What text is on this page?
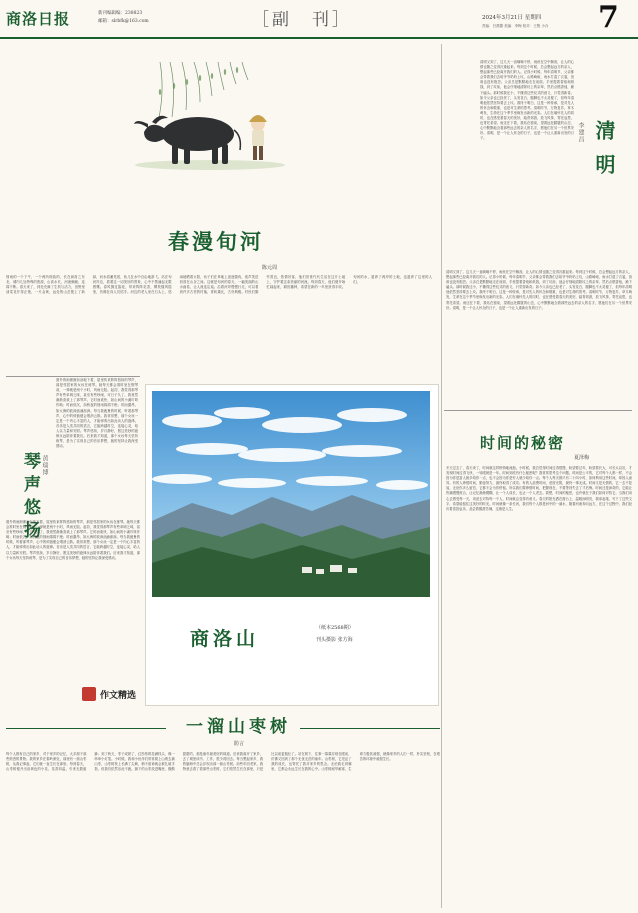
商洛日报	新刊编辑编：238823
邮箱：slrbfk@163.com	［副　刊］	2024年3月21日 星期四
责编：吕燕馨 美编：李梅 校对：王骏 小卉 7
春漫旬河
陈元周
细雨的一个下午，一个两所细致的，长在商洛之东北，城内几处特殊的资源，山高水长，河流蜿蜒，连绵不断。春天来了，到处充满了生机与活力，田野里油菜花开得正艳，一片金黄，远处的山峦披上了新绿，河水清澈见底，鱼儿在水中自由地游弋。站在旬河岸边，看着这一切美好的景象，心中不禁涌起无限感慨。春风拂过脸庞，带来阵阵花香，柳枝随风摇曳，仿佛在向人们招手。河边的老人坐在石头上，悠闲地晒着太阳，孩子们在草地上追逐嬉戏，欢声笑语回荡在山谷之间。这就是旬河的春天，一幅美丽的山水画卷，让人流连忘返。沿着河岸慢慢行走，可以看到许多古老的村落，青砖黛瓦，古朴典雅。村民们勤劳善良，热情好客，他们世世代代生活在这片土地上，守护着这条美丽的河流。每到春天，他们便开始忙碌起来，耕田播种，希望在新的一年里获得丰收。旬河的水，滋养了两岸的土地，也滋养了这里的人们。
清明
李建昌
清明又到了，这几天一直嘀嘀不停，雨丝在空中飘荡，让人的心情也随之变得沉重起来。每到这个时候，总会想起远方的亲人，想起那些已经离开我们的人。记得小时候，每年清明节，父亲都会带着我们去给爷爷奶奶上坟，山路崎岖，雨水打湿了衣裳，但谁也没有抱怨。父亲总是默默地走在前面，手里提着香烛和纸钱，到了坟前，他会仔细地清除坟上的杂草，然后点燃香烛，跪下磕头。那时候我还小，不懂得这些仪式的意义，只觉得新奇。如今父亲也已经老了，头发花白，腿脚也不太灵便了，但每年清明他依然坚持要去上坟。我终于明白，这是一种传承，是对先人的怀念和敬重，也是对生命的思考。清明时节，万物复苏，草木萌发，生命在这个季节里焕发出新的光彩。人们在缅怀先人的同时，也在感受着春天的美好，踏青郊游，放飞风筝，寄托哀思，也寄托希望。雨还在下着，我站在窗前，望着远处朦胧的山峦，心中默默地念着那些远去的亲人的名字，愿他们在另一个世界安好。清明，是一个让人怀念的日子，也是一个让人重新出发的日子。
清明又到了，这几天一直嘀嘀不停，雨丝在空中飘荡，让人的心情也随之变得沉重起来。每到这个时候，总会想起远方的亲人，想起那些已经离开我们的人。记得小时候，每年清明节，父亲都会带着我们去给爷爷奶奶上坟，山路崎岖，雨水打湿了衣裳，但谁也没有抱怨。父亲总是默默地走在前面，手里提着香烛和纸钱，到了坟前，他会仔细地清除坟上的杂草，然后点燃香烛，跪下磕头。那时候我还小，不懂得这些仪式的意义，只觉得新奇。如今父亲也已经老了，头发花白，腿脚也不太灵便了，但每年清明他依然坚持要去上坟。我终于明白，这是一种传承，是对先人的怀念和敬重，也是对生命的思考。清明时节，万物复苏，草木萌发，生命在这个季节里焕发出新的光彩。人们在缅怀先人的同时，也在感受着春天的美好，踏青郊游，放飞风筝，寄托哀思，也寄托希望。雨还在下着，我站在窗前，望着远处朦胧的山峦，心中默默地念着那些远去的亲人的名字，愿他们在另一个世界安好。清明，是一个让人怀念的日子，也是一个让人重新出发的日子。
时间的秘密
夏泽梅
冬天过去了，春天来了，时间就这样悄悄地流逝。小时候，我总觉得时间过得很慢，盼望着过年，盼望着长大，可长大以后，才发现时间过得飞快，一转眼就是一年。时间到底有什么秘密呢？我常常思考这个问题。时间是公平的，它对每个人都一样，不会因为你是富人就多给你一点，也不会因为你是穷人就少给你一点。每个人每天都只有二十四小时，如何利用这些时间，却因人而异。有的人珍惜时间，勤奋努力，最终取得了成功；有的人浪费时间，虚度光阴，最终一事无成。时间又是无情的，它一去不复返，无论你多么留恋，它都不会为你停留。所以我们要珍惜时间，把握现在，不要等到失去了才后悔。时间还是神奇的，它能让伤痛慢慢愈合，让记忆渐渐模糊，让一个人成长，也让一个人老去。我想，时间的秘密，也许就在于我们如何对待它。当我们用心去感受每一天，用爱去对待每一个人，时间就会变得有意义。春天的阳光洒在窗台上，温暖而明亮，我拿起笔，写下了这些文字，希望能留住这美好的时光。时间就像一条长河，我们每个人都是河中的一滴水，随着河流奔向远方，在这个过程中，我们经历着喜怒哀乐，品尝着酸甜苦辣，这就是人生。
琴声悠扬 黄瑞博
窗外的雨淅淅沥沥地下着，屋里传来阵阵悠扬的琴声，那是邻居家的女孩在练琴。她每天都会准时坐在钢琴前，一弹就是两个小时，风雨无阻。起初，我觉得那琴声有些单调乏味，甚至有些吵闹，可日子久了，我竟然渐渐喜欢上了那琴声。它时而欢快，如山间的小溪叮咚作响；时而低沉，如秋夜的细雨绵绵不绝；时而激昂，如大海的波涛汹涌澎湃。每当我疲惫的时候，听着那琴声，心中的烦恼便会烟消云散。我常常想，那个女孩一定是一个内心丰富的人，才能弹奏出如此动人的旋律。音乐是人类共同的语言，它能跨越时空，连接心灵，给人以力量和安慰。琴声悠扬，岁月静好，愿这美妙的旋律永远陪伴着我们。后来我才知道，那个女孩每天坚持练琴，是为了实现自己的音乐梦想，她的坚持让我深受感动。
窗外的雨淅淅沥沥地下着，屋里传来阵阵悠扬的琴声，那是邻居家的女孩在练琴。她每天都会准时坐在钢琴前，一弹就是两个小时，风雨无阻。起初，我觉得那琴声有些单调乏味，甚至有些吵闹，可日子久了，我竟然渐渐喜欢上了那琴声。它时而欢快，如山间的小溪叮咚作响；时而低沉，如秋夜的细雨绵绵不绝；时而激昂，如大海的波涛汹涌澎湃。每当我疲惫的时候，听着那琴声，心中的烦恼便会烟消云散。我常常想，那个女孩一定是一个内心丰富的人，才能弹奏出如此动人的旋律。音乐是人类共同的语言，它能跨越时空，连接心灵，给人以力量和安慰。琴声悠扬，岁月静好，愿这美妙的旋律永远陪伴着我们。后来我才知道，那个女孩每天坚持练琴，是为了实现自己的音乐梦想，她的坚持让我深受感动。
作文精选
商洛山	（纸本2568期）
刊头摄影 张方海
一溜山枣树
防言
每个人都有自己的家乡，对于家乡的记忆，大多源于那些熟悉的景物。我的家乡在秦岭深处，那里有一溜山枣树，从我记事起，它们就一直生长在那里。每到春天，山枣树便开出淡黄色的小花，花香四溢，引来无数蜜蜂；到了秋天，枣子成熟了，红彤彤的挂满枝头，像一串串小灯笼。小时候，我和小伙伴们常常爬上山坡去摘山枣，山枣树枝上长满了尖刺，稍不留神就会被扎破手指，但我们依然乐此不疲。摘下的山枣放进嘴里，酸酸甜甜的，那是童年最美好的味道。后来我离开了家乡，去了城里读书、工作，很少再回去。每当想起家乡，我的脑海中总会浮现出那一溜山枣树。前些年回老家，我特意去看了看那些山枣树，它们依然生长在那里，只是比以前更粗壮了。站在树下，往事一幕幕浮现在眼前，仿佛又回到了那个无忧无虑的童年。山枣树，它见证了我的成长，也寄托了我对家乡的思念。无论我走到哪里，它都会永远生长在我的心中。山枣树耐旱耐寒，生命力极其顽强，就像家乡的人们一样，朴实坚韧，在艰苦的环境中顽强生长。
